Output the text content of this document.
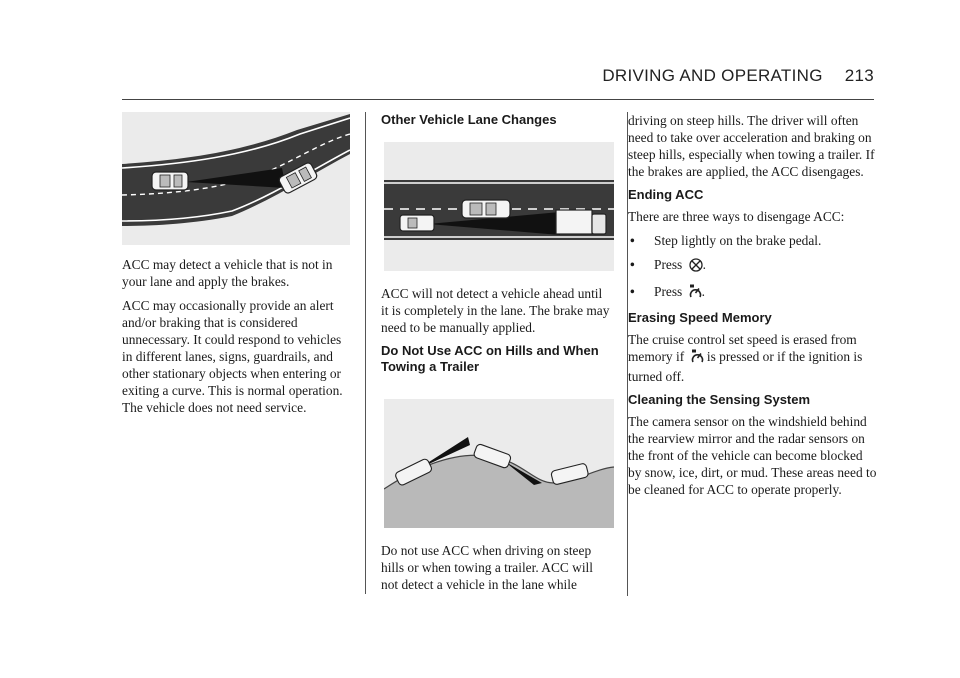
DRIVING AND OPERATING 213

ACC may detect a vehicle that is not in your lane and apply the brakes.

ACC may occasionally provide an alert and/or braking that is considered unnecessary. It could respond to vehicles in different lanes, signs, guardrails, and other stationary objects when entering or exiting a curve. This is normal operation. The vehicle does not need service.

Other Vehicle Lane Changes

ACC will not detect a vehicle ahead until it is completely in the lane. The brake may need to be manually applied.

Do Not Use ACC on Hills and When Towing a Trailer

Do not use ACC when driving on steep hills or when towing a trailer. ACC will not detect a vehicle in the lane while

driving on steep hills. The driver will often need to take over acceleration and braking on steep hills, especially when towing a trailer. If the brakes are applied, the ACC disengages.

Ending ACC

There are three ways to disengage ACC:

• Step lightly on the brake pedal.
• Press .
• Press .
Erasing Speed Memory

The cruise control set speed is erased from memory if is pressed or if the ignition is turned off.

Cleaning the Sensing System

The camera sensor on the windshield behind the rearview mirror and the radar sensors on the front of the vehicle can become blocked by snow, ice, dirt, or mud. These areas need to be cleaned for ACC to operate properly.
